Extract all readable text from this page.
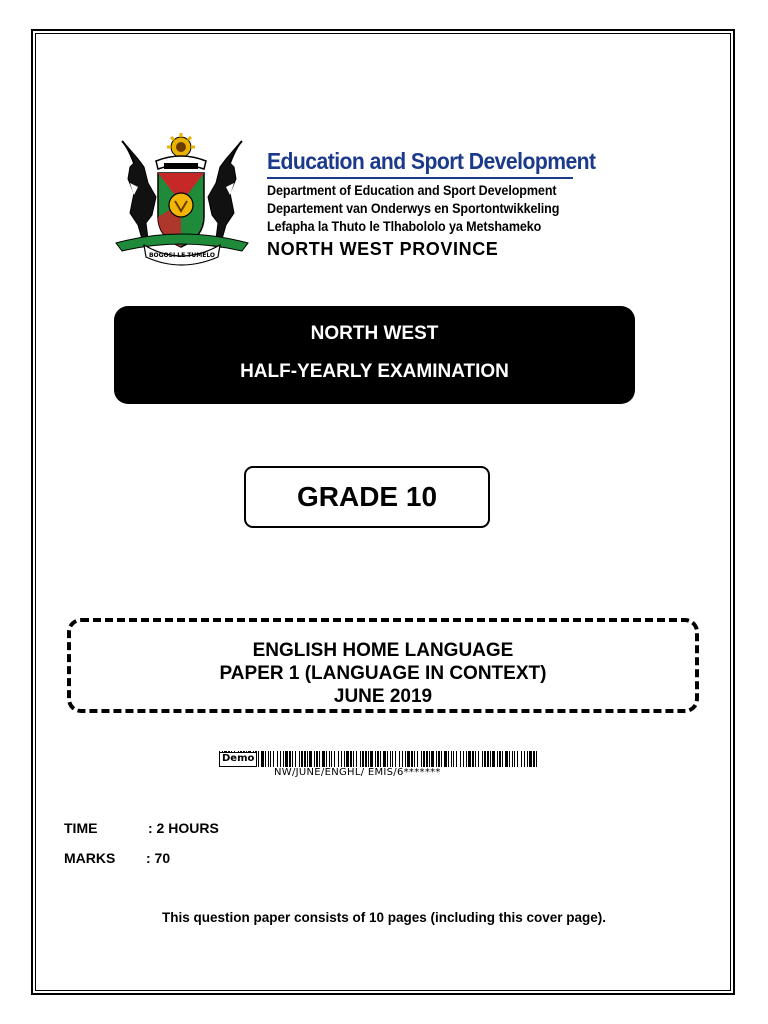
BOGOSI LE TUMELO
Education and Sport Development
Department of Education and Sport Development
Departement van Onderwys en Sportontwikkeling
Lefapha la Thuto le Tlhabololo ya Metshameko
NORTH WEST PROVINCE
NORTH WEST
HALF-YEARLY EXAMINATION
GRADE 10
ENGLISH HOME LANGUAGE
PAPER 1 (LANGUAGE IN CONTEXT)
JUNE 2019
Demo
NW/JUNE/ENGHL/ EMIS/6*******
TIME	: 2 HOURS
MARKS : 70
This question paper consists of 10 pages (including this cover page).
